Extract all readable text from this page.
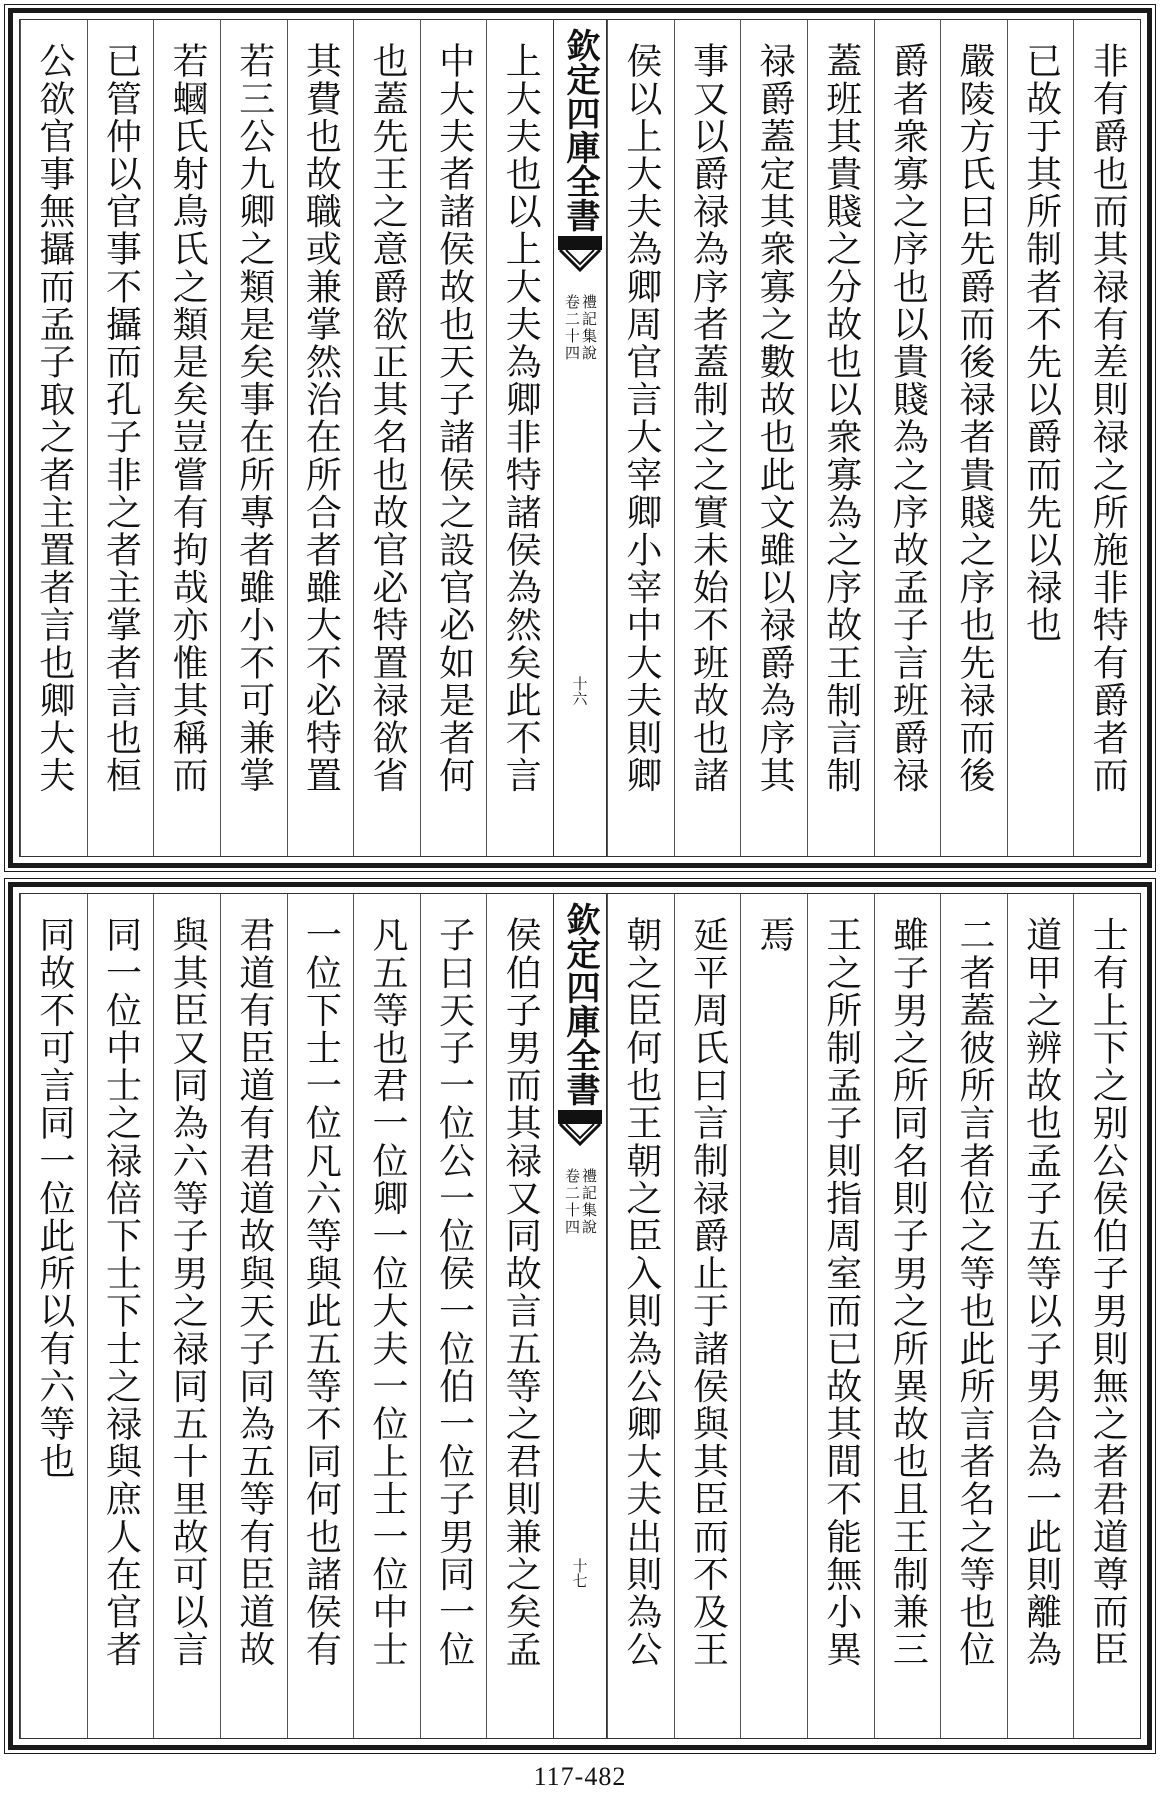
非有爵也而其禄有差則禄之所施非特有爵者而
已故于其所制者不先以爵而先以禄也
嚴陵方氏曰先爵而後禄者貴賤之序也先禄而後
爵者衆寡之序也以貴賤為之序故孟子言班爵禄
蓋班其貴賤之分故也以衆寡為之序故王制言制
禄爵蓋定其衆寡之數故也此文雖以禄爵為序其
事又以爵禄為序者蓋制之之實未始不班故也諸
侯以上大夫為卿周官言大宰卿小宰中大夫則卿
欽定四庫全書
禮記集說
卷二十四
十六
上大夫也以上大夫為卿非特諸侯為然矣此不言
中大夫者諸侯故也天子諸侯之設官必如是者何
也蓋先王之意爵欲正其名也故官必特置禄欲省
其費也故職或兼掌然治在所合者雖大不必特置
若三公九卿之類是矣事在所專者雖小不可兼掌
若蟈氏射鳥氏之類是矣豈嘗有拘哉亦惟其稱而
已管仲以官事不攝而孔子非之者主掌者言也桓
公欲官事無攝而孟子取之者主置者言也卿大夫
士有上下之别公侯伯子男則無之者君道尊而臣
道甲之辨故也孟子五等以子男合為一此則離為
二者蓋彼所言者位之等也此所言者名之等也位
雖子男之所同名則子男之所異故也且王制兼三
王之所制孟子則指周室而已故其間不能無小異
焉
延平周氏曰言制禄爵止于諸侯與其臣而不及王
朝之臣何也王朝之臣入則為公卿大夫出則為公
欽定四庫全書
禮記集說
卷二十四
十七
侯伯子男而其禄又同故言五等之君則兼之矣孟
子曰天子一位公一位侯一位伯一位子男同一位
凡五等也君一位卿一位大夫一位上士一位中士
一位下士一位凡六等與此五等不同何也諸侯有
君道有臣道有君道故與天子同為五等有臣道故
與其臣又同為六等子男之禄同五十里故可以言
同一位中士之禄倍下士下士之禄與庶人在官者
同故不可言同一位此所以有六等也
117-482
